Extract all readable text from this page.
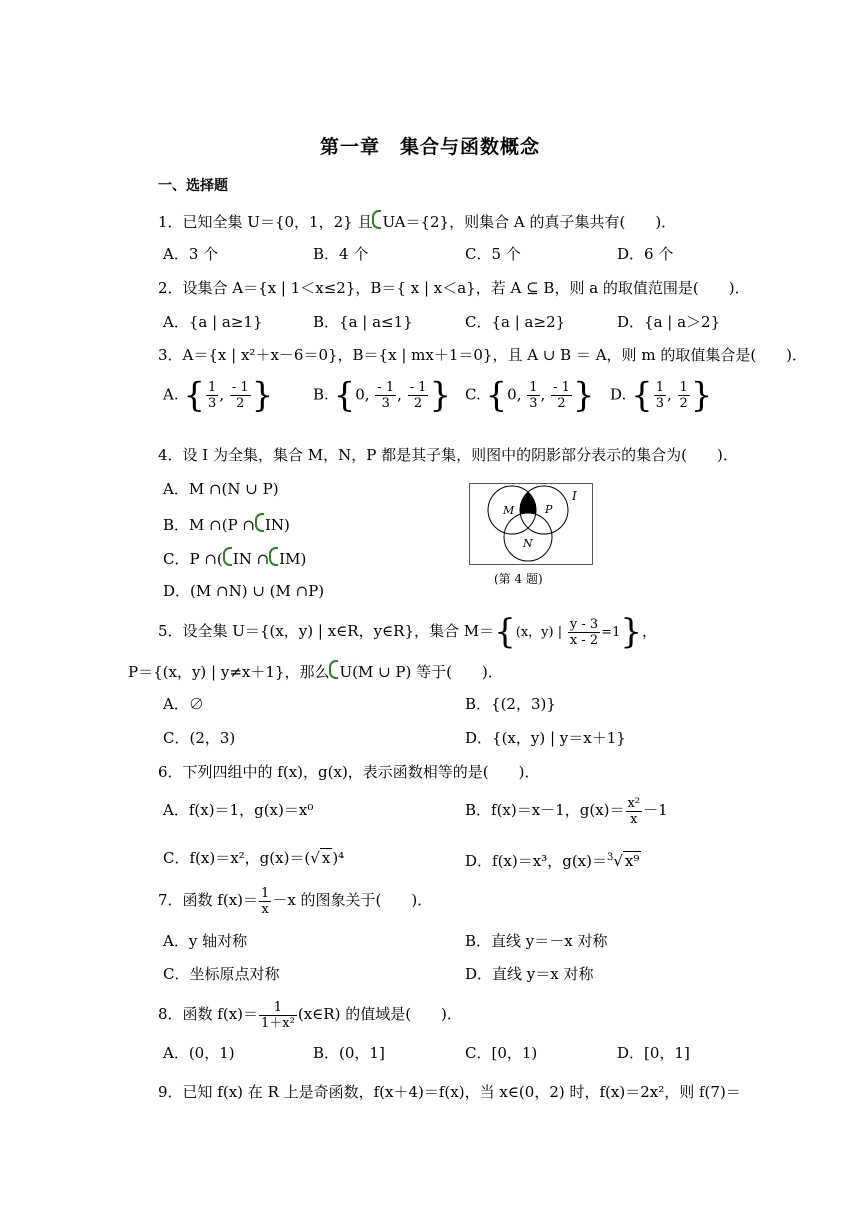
第一章　集合与函数概念
一、选择题
1．已知全集 U＝{0，1，2} 且 UA＝{2}，则集合 A 的真子集共有(　　)．
A．3 个	B．4 个	C．5 个	D．6 个
2．设集合 A＝{x | 1＜x≤2}，B＝{ x | x＜a}，若 A ⊆ B，则 a 的取值范围是(　　)．
A．{a | a≥1}	B．{a | a≤1}	C．{a | a≥2}	D．{a | a＞2}
3．A＝{x | x²＋x－6＝0}，B＝{x | mx＋1＝0}，且 A ∪ B ＝ A，则 m 的取值集合是(　　)．
A. { $\frac{1}{3}$ , $\frac{- 1}{2}$ }	B. {0, $\frac{- 1}{3}$ , $\frac{- 1}{2}$ } C. {0, $\frac{1}{3}$ , $\frac{- 1}{2}$ } D. { $\frac{1}{3}$ , $\frac{1}{2}$ }
4．设 I 为全集，集合 M，N，P 都是其子集，则图中的阴影部分表示的集合为(　　)．
A．M ∩(N ∪ P)
B．M ∩(P ∩ IN)
C．P ∩( IN ∩ IM)
D．(M ∩N) ∪ (M ∩P)
I
M	P
N
(第 4 题)
5．设全集 U＝{(x，y) | x∈R，y∈R}，集合 M＝{(x，y) | $\frac{y - 3}{x - 2} =1$}，
P＝{(x，y) | y≠x＋1}，那么 U(M ∪ P) 等于(　　)．
A．∅	B．{(2，3)}
C．(2，3)	D．{(x，y) | y＝x＋1}
6．下列四组中的 f(x)，g(x)，表示函数相等的是(　　)．
A．f(x)＝1，g(x)＝x⁰	B．f(x)＝x－1，$g(x)= \frac{\text{x²}}{x} -1$
C．f(x)＝x²，g(x)＝(√ x )⁴	D．f(x)＝x³，g(x)＝$^3$√ x⁹
7．函数 $f(x)= \frac{1}{x} -x$ 的图象关于(　　)．
A．y 轴对称	B．直线 y＝－x 对称
C．坐标原点对称	D．直线 y＝x 对称
8．函数 $f(x)= \frac{1}{\text{1＋x²}}$ (x∈R) 的值域是(　　)．
A．(0，1)	B．(0，1]	C．[0，1)	D．[0，1]
9．已知 f(x) 在 R 上是奇函数，f(x＋4)＝f(x)，当 x∈(0，2) 时，f(x)＝2x²，则 f(7)＝
